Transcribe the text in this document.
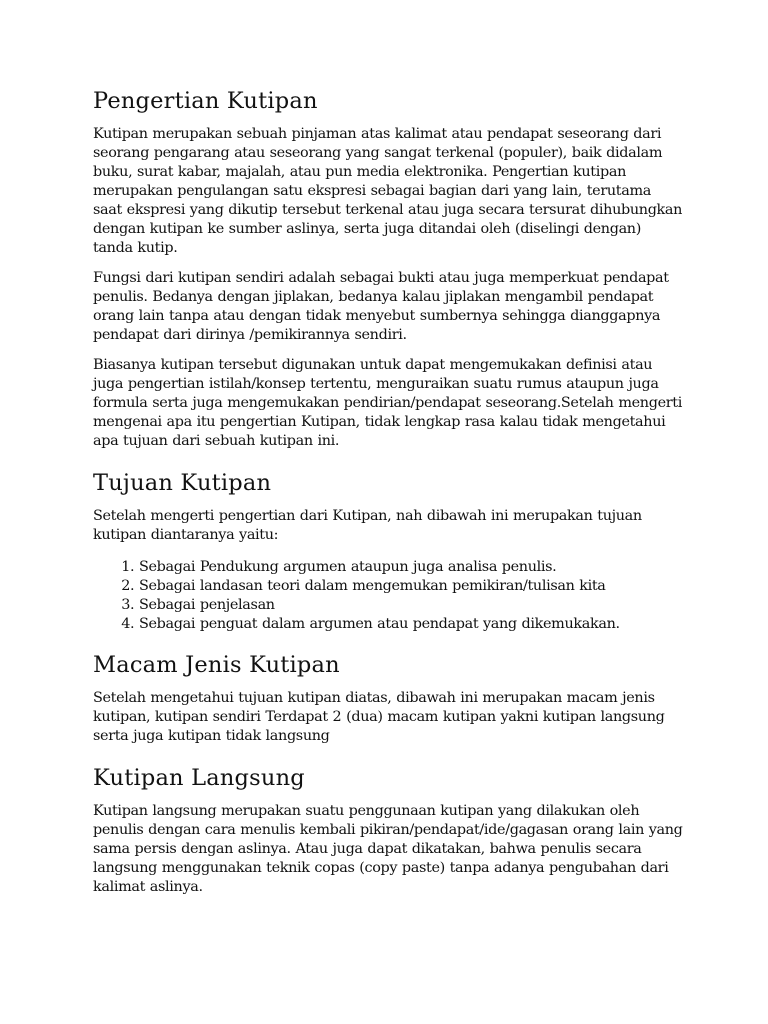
Pengertian Kutipan

Kutipan merupakan sebuah pinjaman atas kalimat atau pendapat seseorang dari seorang pengarang atau seseorang yang sangat terkenal (populer), baik didalam buku, surat kabar, majalah, atau pun media elektronika. Pengertian kutipan merupakan pengulangan satu ekspresi sebagai bagian dari yang lain, terutama saat ekspresi yang dikutip tersebut terkenal atau juga secara tersurat dihubungkan dengan kutipan ke sumber aslinya, serta juga ditandai oleh (diselingi dengan) tanda kutip.

Fungsi dari kutipan sendiri adalah sebagai bukti atau juga memperkuat pendapat penulis. Bedanya dengan jiplakan, bedanya kalau jiplakan mengambil pendapat orang lain tanpa atau dengan tidak menyebut sumbernya sehingga dianggapnya pendapat dari dirinya /pemikirannya sendiri.

Biasanya kutipan tersebut digunakan untuk dapat mengemukakan definisi atau juga pengertian istilah/konsep tertentu, menguraikan suatu rumus ataupun juga formula serta juga mengemukakan pendirian/pendapat seseorang.Setelah mengerti mengenai apa itu pengertian Kutipan, tidak lengkap rasa kalau tidak mengetahui apa tujuan dari sebuah kutipan ini.

Tujuan Kutipan

Setelah mengerti pengertian dari Kutipan, nah dibawah ini merupakan tujuan kutipan diantaranya yaitu:

1. Sebagai Pendukung argumen ataupun juga analisa penulis.
2. Sebagai landasan teori dalam mengemukan pemikiran/tulisan kita
3. Sebagai penjelasan
4. Sebagai penguat dalam argumen atau pendapat yang dikemukakan.
Macam Jenis Kutipan

Setelah mengetahui tujuan kutipan diatas, dibawah ini merupakan macam jenis kutipan, kutipan sendiri Terdapat 2 (dua) macam kutipan yakni kutipan langsung serta juga kutipan tidak langsung

Kutipan Langsung

Kutipan langsung merupakan suatu penggunaan kutipan yang dilakukan oleh penulis dengan cara menulis kembali pikiran/pendapat/ide/gagasan orang lain yang sama persis dengan aslinya. Atau juga dapat dikatakan, bahwa penulis secara langsung menggunakan teknik copas (copy paste) tanpa adanya pengubahan dari kalimat aslinya.
